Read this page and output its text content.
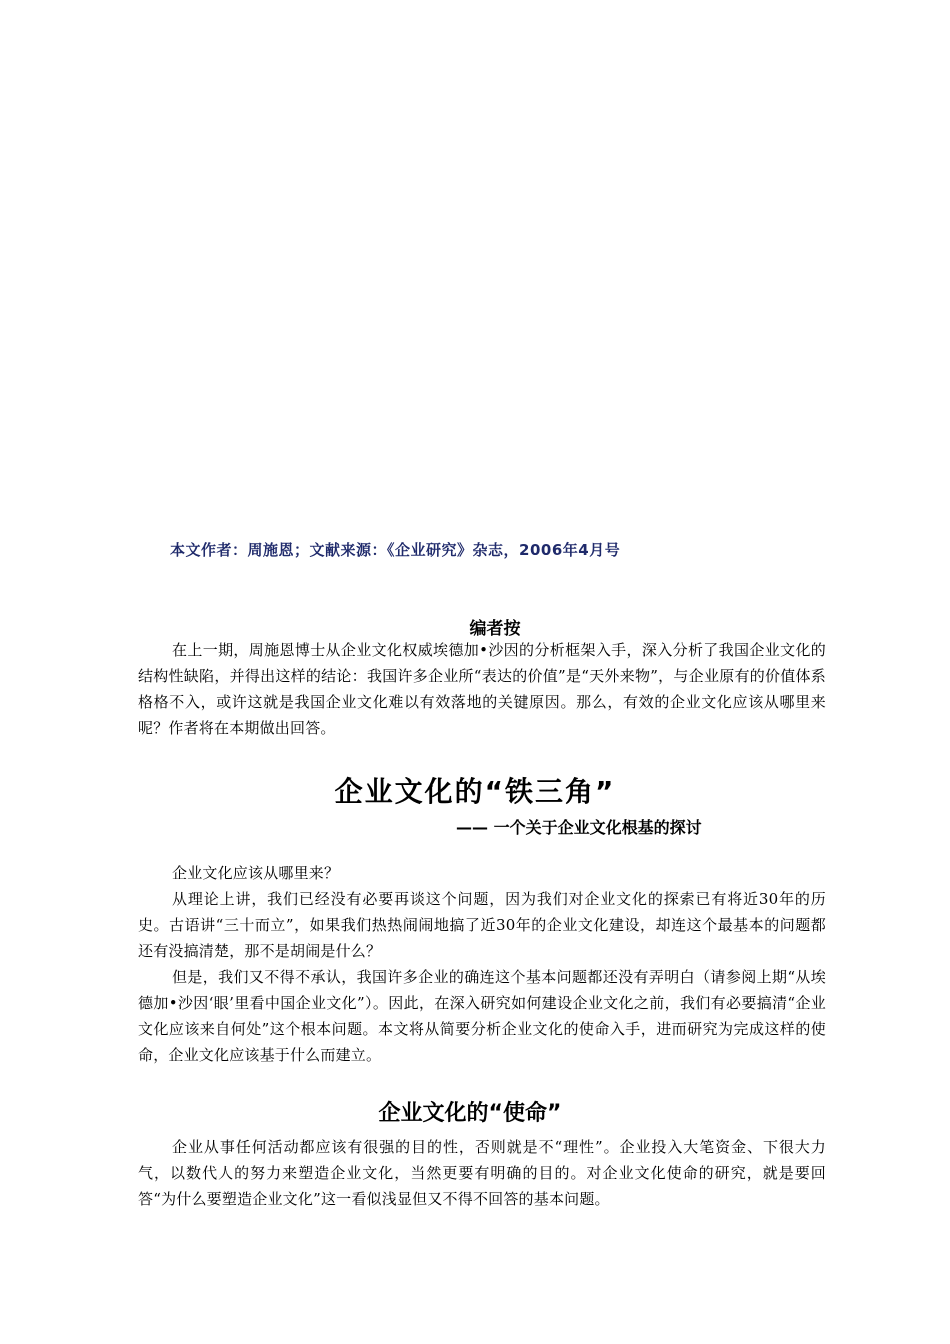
本文作者：周施恩；文献来源：《企业研究》杂志，2006年4月号
编者按

在上一期，周施恩博士从企业文化权威埃德加•沙因的分析框架入手，深入分析了我国企业文化的结构性缺陷，并得出这样的结论：我国许多企业所“表达的价值”是“天外来物”，与企业原有的价值体系格格不入，或许这就是我国企业文化难以有效落地的关键原因。那么，有效的企业文化应该从哪里来呢？作者将在本期做出回答。

企业文化的“铁三角”
—— 一个关于企业文化根基的探讨

企业文化应该从哪里来？

从理论上讲，我们已经没有必要再谈这个问题，因为我们对企业文化的探索已有将近30年的历史。古语讲“三十而立”，如果我们热热闹闹地搞了近30年的企业文化建设，却连这个最基本的问题都还有没搞清楚，那不是胡闹是什么？

但是，我们又不得不承认，我国许多企业的确连这个基本问题都还没有弄明白（请参阅上期“从埃德加•沙因‘眼’里看中国企业文化”）。因此，在深入研究如何建设企业文化之前，我们有必要搞清“企业文化应该来自何处”这个根本问题。本文将从简要分析企业文化的使命入手，进而研究为完成这样的使命，企业文化应该基于什么而建立。

企业文化的“使命”

企业从事任何活动都应该有很强的目的性，否则就是不“理性”。企业投入大笔资金、下很大力气，以数代人的努力来塑造企业文化，当然更要有明确的目的。对企业文化使命的研究，就是要回答“为什么要塑造企业文化”这一看似浅显但又不得不回答的基本问题。
